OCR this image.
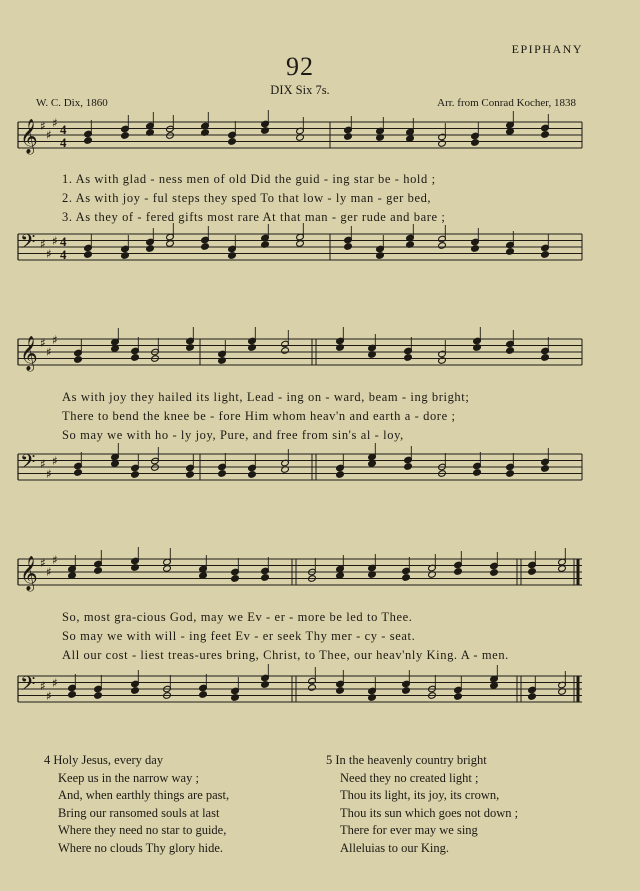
92
EPIPHANY
DIX Six 7s.
W. C. Dix, 1860	Arr. from Conrad Kocher, 1838
𝄞 ♯
♯
♯ 4
4
1. As with glad - ness men of old Did the guid - ing star be - hold ;
2. As with joy - ful steps they sped To that low - ly man - ger bed,
3. As they of - fered gifts most rare At that man - ger rude and bare ;
𝄢 ♯
♯
♯ 4
4
𝄞 ♯
♯
♯
As with joy they hailed its light, Lead - ing on - ward, beam - ing bright;
There to bend the knee be - fore Him whom heav'n and earth a - dore ;
So may we with ho - ly joy, Pure, and free from sin's al - loy,
𝄢 ♯
♯
♯
𝄞 ♯
♯
♯
So, most gra-cious God, may we Ev - er - more be led to Thee.
So may we with will - ing feet Ev - er seek Thy mer - cy - seat.
All our cost - liest treas-ures bring, Christ, to Thee, our heav'nly King. A - men.
𝄢 ♯
♯
♯
4 Holy Jesus, every day
Keep us in the narrow way ;
And, when earthly things are past,
Bring our ransomed souls at last
Where they need no star to guide,
Where no clouds Thy glory hide.
5 In the heavenly country bright
Need they no created light ;
Thou its light, its joy, its crown,
Thou its sun which goes not down ;
There for ever may we sing
Alleluias to our King.
